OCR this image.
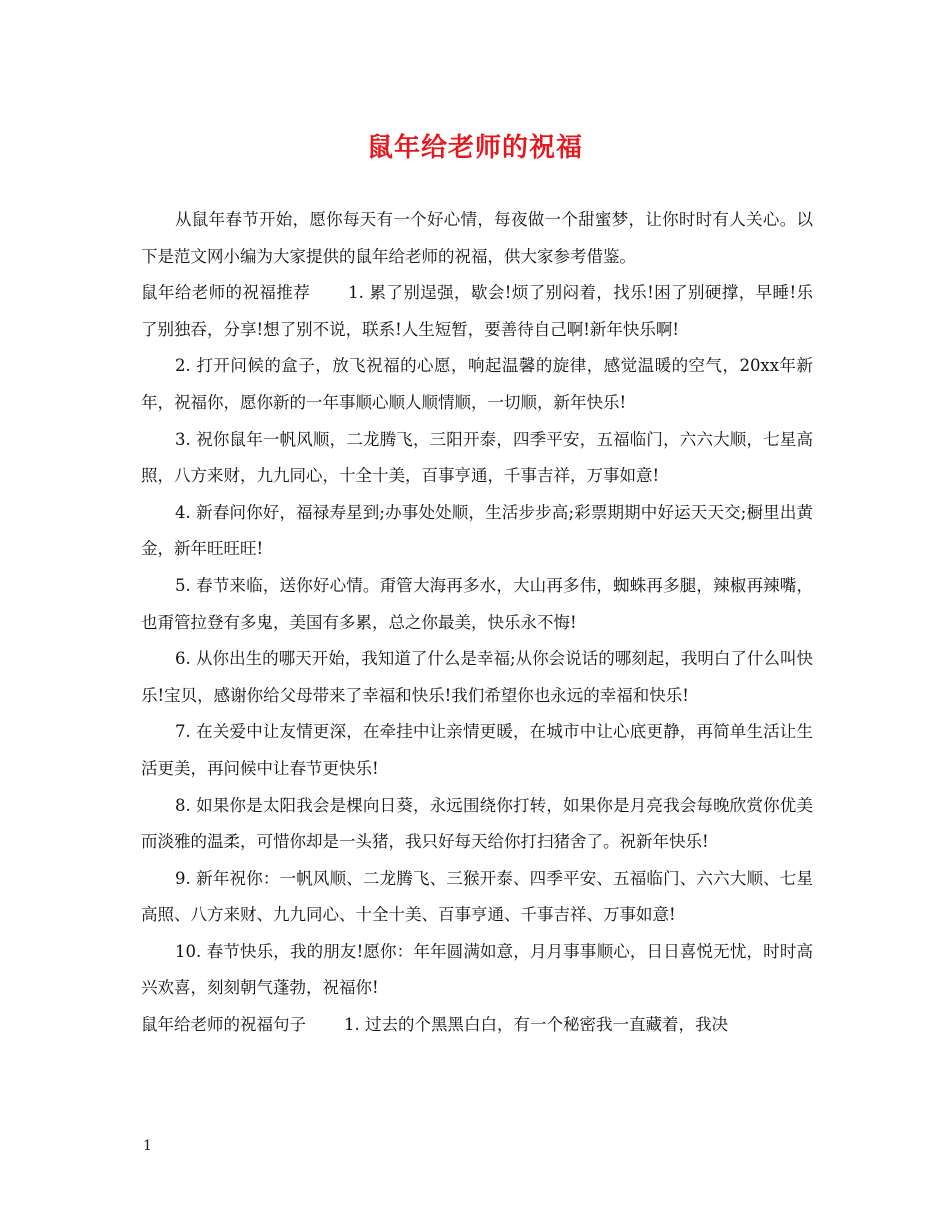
鼠年给老师的祝福

从鼠年春节开始，愿你每天有一个好心情，每夜做一个甜蜜梦，让你时时有人关心。以下是范文网小编为大家提供的鼠年给老师的祝福，供大家参考借鉴。

鼠年给老师的祝福推荐 1. 累了别逞强，歇会!烦了别闷着，找乐!困了别硬撑，早睡!乐了别独吞，分享!想了别不说，联系!人生短暂，要善待自己啊!新年快乐啊!

2. 打开问候的盒子，放飞祝福的心愿，响起温馨的旋律，感觉温暖的空气，20xx年新年，祝福你，愿你新的一年事顺心顺人顺情顺，一切顺，新年快乐!

3. 祝你鼠年一帆风顺，二龙腾飞，三阳开泰，四季平安，五福临门，六六大顺，七星高照，八方来财，九九同心，十全十美，百事亨通，千事吉祥，万事如意!

4. 新春问你好，福禄寿星到;办事处处顺，生活步步高;彩票期期中好运天天交;橱里出黄金，新年旺旺旺!

5. 春节来临，送你好心情。甭管大海再多水，大山再多伟，蜘蛛再多腿，辣椒再辣嘴，也甭管拉登有多鬼，美国有多累，总之你最美，快乐永不悔!

6. 从你出生的哪天开始，我知道了什么是幸福;从你会说话的哪刻起，我明白了什么叫快乐!宝贝，感谢你给父母带来了幸福和快乐!我们希望你也永远的幸福和快乐!

7. 在关爱中让友情更深，在牵挂中让亲情更暖，在城市中让心底更静，再简单生活让生活更美，再问候中让春节更快乐!

8. 如果你是太阳我会是棵向日葵，永远围绕你打转，如果你是月亮我会每晚欣赏你优美而淡雅的温柔，可惜你却是一头猪，我只好每天给你打扫猪舍了。祝新年快乐!

9. 新年祝你：一帆风顺、二龙腾飞、三猴开泰、四季平安、五福临门、六六大顺、七星高照、八方来财、九九同心、十全十美、百事亨通、千事吉祥、万事如意!

10. 春节快乐，我的朋友!愿你：年年圆满如意，月月事事顺心，日日喜悦无忧，时时高兴欢喜，刻刻朝气蓬勃，祝福你!

鼠年给老师的祝福句子 1. 过去的个黑黑白白，有一个秘密我一直藏着，我决

1
